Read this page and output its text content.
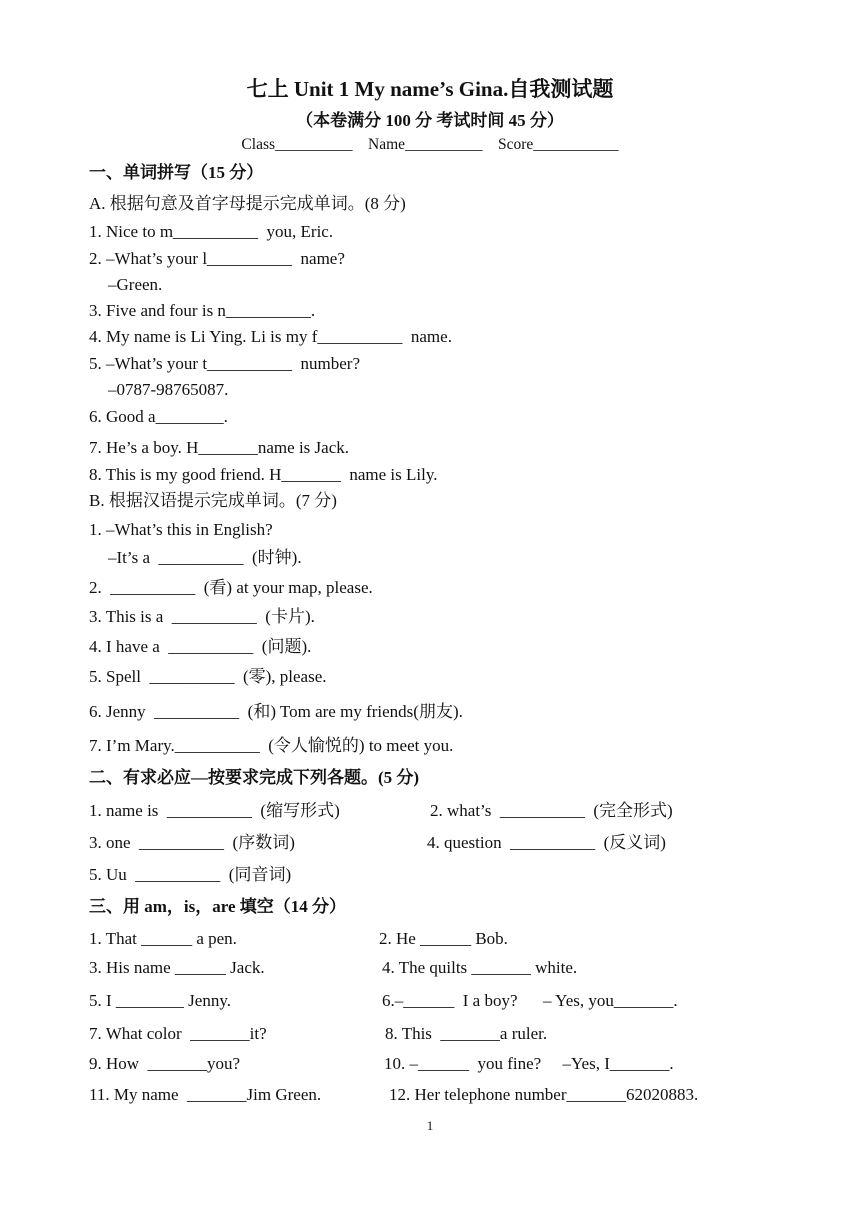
七上 Unit 1 My name’s Gina.自我测试题
（本卷满分 100 分 考试时间 45 分）
Class__________    Name__________    Score___________
一、单词拼写（15 分）
A. 根据句意及首字母提示完成单词。(8 分)
1. Nice to m__________  you, Eric.
2. –What’s your l__________  name?
–Green.
3. Five and four is n__________.
4. My name is Li Ying. Li is my f__________  name.
5. –What’s your t__________  number?
–0787-98765087.
6. Good a________.
7. He’s a boy. H_______name is Jack.
8. This is my good friend. H_______  name is Lily.
B. 根据汉语提示完成单词。(7 分)
1. –What’s this in English?
–It’s a  __________  (时钟).
2.  __________  (看) at your map, please.
3. This is a  __________  (卡片).
4. I have a  __________  (问题).
5. Spell  __________  (零), please.
6. Jenny  __________  (和) Tom are my friends(朋友).
7. I’m Mary.__________  (令人愉悦的) to meet you.
二、有求必应—按要求完成下列各题。(5 分)
1. name is  __________  (缩写形式)	2. what’s  __________  (完全形式)
3. one  __________  (序数词)	4. question  __________  (反义词)
5. Uu  __________  (同音词)
三、用 am，is，are 填空（14 分）
1. That ______ a pen.	2. He ______ Bob.
3. His name ______ Jack.	4. The quilts _______ white.
5. I ________ Jenny.	6.–______  I a boy?      – Yes, you_______.
7. What color  _______it?	8. This  _______a ruler.
9. How  _______you?	10. –______  you fine?     –Yes, I_______.
11. My name  _______Jim Green.	12. Her telephone number_______62020883.
1
